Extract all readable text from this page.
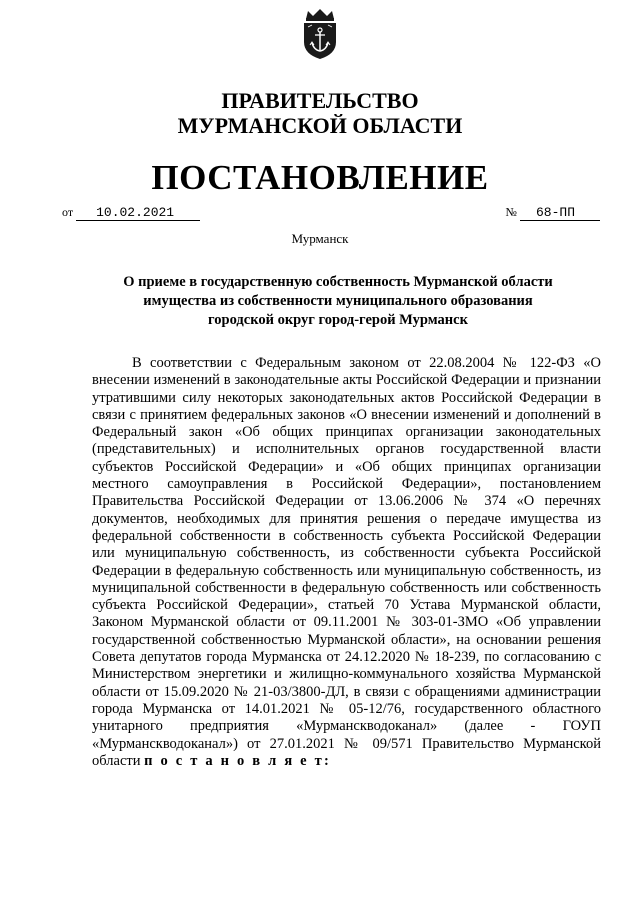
ПРАВИТЕЛЬСТВО
МУРМАНСКОЙ ОБЛАСТИ
ПОСТАНОВЛЕНИЕ
от 10.02.2021	№ 68-ПП
Мурманск
О приеме в государственную собственность Мурманской области
имущества из собственности муниципального образования
городской округ город-герой Мурманск
В соответствии с Федеральным законом от 22.08.2004 № 122-ФЗ «О внесении изменений в законодательные акты Российской Федерации и признании утратившими силу некоторых законодательных актов Российской Федерации в связи с принятием федеральных законов «О внесении изменений и дополнений в Федеральный закон «Об общих принципах организации законодательных (представительных) и исполнительных органов государственной власти субъектов Российской Федерации» и «Об общих принципах организации местного самоуправления в Российской Федерации», постановлением Правительства Российской Федерации от 13.06.2006 № 374 «О перечнях документов, необходимых для принятия решения о передаче имущества из федеральной собственности в собственность субъекта Российской Федерации или муниципальную собственность, из собственности субъекта Российской Федерации в федеральную собственность или муниципальную собственность, из муниципальной собственности в федеральную собственность или собственность субъекта Российской Федерации», статьей 70 Устава Мурманской области, Законом Мурманской области от 09.11.2001 № 303-01-ЗМО «Об управлении государственной собственностью Мурманской области», на основании решения Совета депутатов города Мурманска от 24.12.2020 № 18-239, по согласованию с Министерством энергетики и жилищно-коммунального хозяйства Мурманской области от 15.09.2020 № 21-03/3800-ДЛ, в связи с обращениями администрации города Мурманска от 14.01.2021 № 05-12/76, государственного областного унитарного предприятия «Мурманскводоканал» (далее - ГОУП «Мурманскводоканал») от 27.01.2021 № 09/571 Правительство Мурманской области п о с т а н о в л я е т:
